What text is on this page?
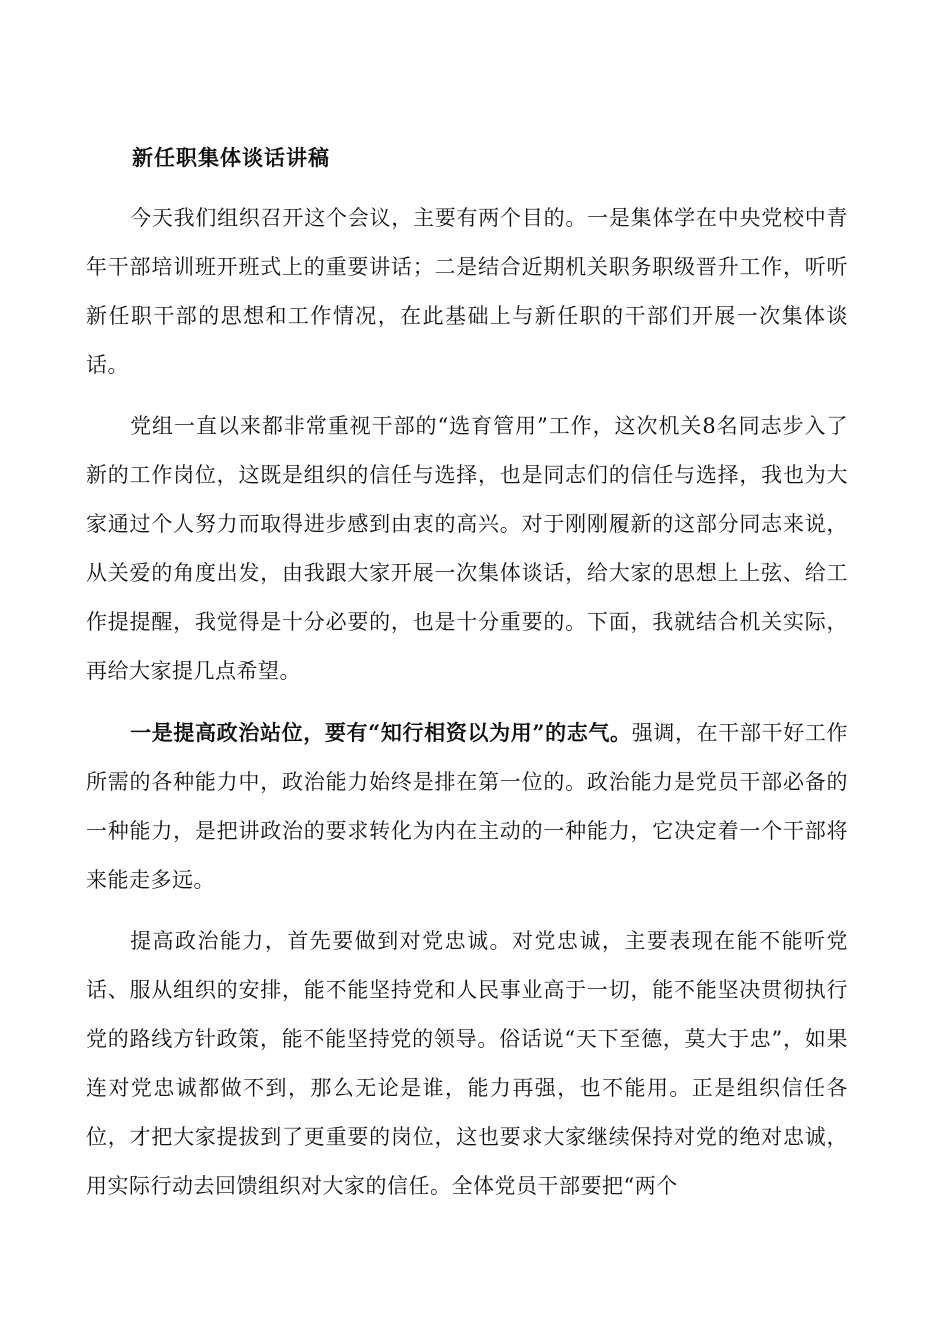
新任职集体谈话讲稿

今天我们组织召开这个会议，主要有两个目的。一是集体学在中央党校中青年干部培训班开班式上的重要讲话；二是结合近期机关职务职级晋升工作，听听新任职干部的思想和工作情况，在此基础上与新任职的干部们开展一次集体谈话。

党组一直以来都非常重视干部的“选育管用”工作，这次机关8名同志步入了新的工作岗位，这既是组织的信任与选择，也是同志们的信任与选择，我也为大家通过个人努力而取得进步感到由衷的高兴。对于刚刚履新的这部分同志来说，从关爱的角度出发，由我跟大家开展一次集体谈话，给大家的思想上上弦、给工作提提醒，我觉得是十分必要的，也是十分重要的。下面，我就结合机关实际，再给大家提几点希望。

一是提高政治站位，要有“知行相资以为用”的志气。强调，在干部干好工作所需的各种能力中，政治能力始终是排在第一位的。政治能力是党员干部必备的一种能力，是把讲政治的要求转化为内在主动的一种能力，它决定着一个干部将来能走多远。

提高政治能力，首先要做到对党忠诚。对党忠诚，主要表现在能不能听党话、服从组织的安排，能不能坚持党和人民事业高于一切，能不能坚决贯彻执行党的路线方针政策，能不能坚持党的领导。俗话说“天下至德，莫大于忠”，如果连对党忠诚都做不到，那么无论是谁，能力再强，也不能用。正是组织信任各位，才把大家提拔到了更重要的岗位，这也要求大家继续保持对党的绝对忠诚，用实际行动去回馈组织对大家的信任。全体党员干部要把“两个
